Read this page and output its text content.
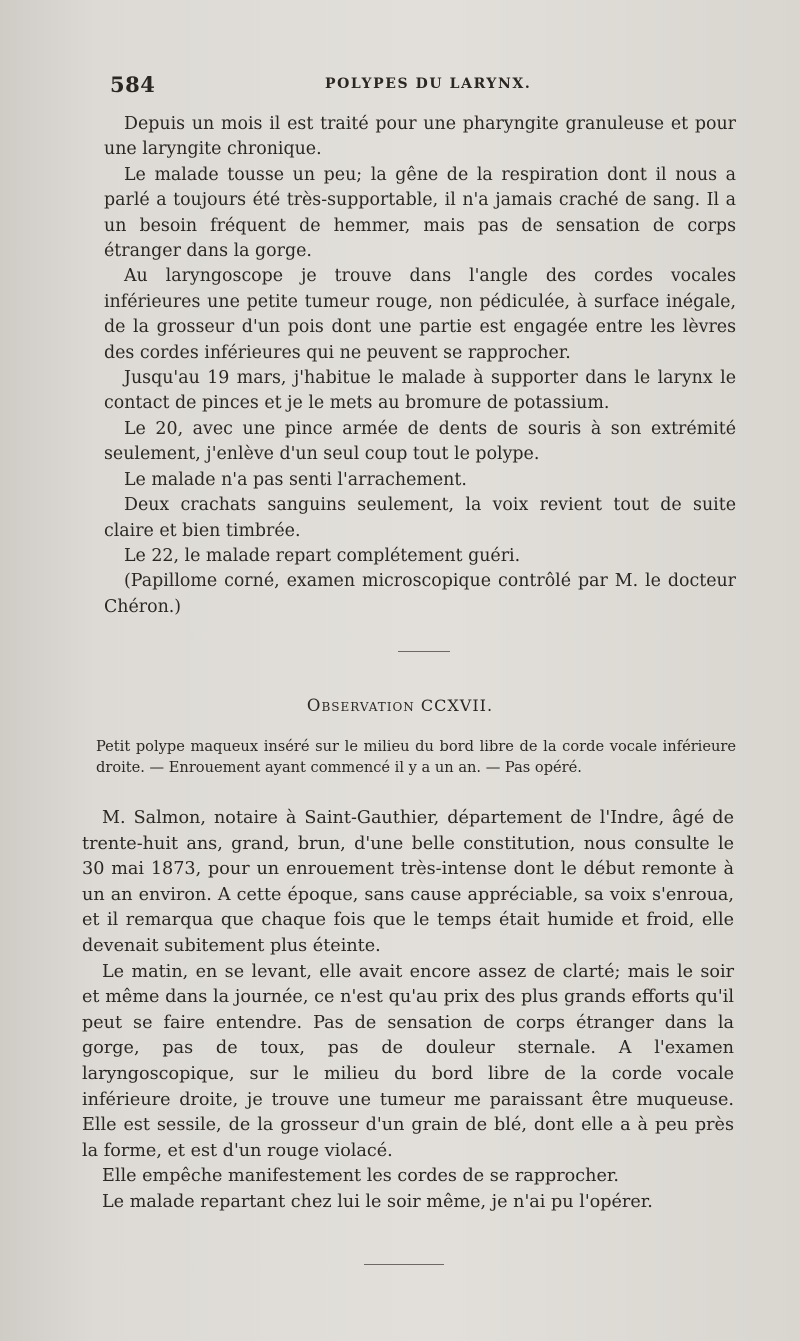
584	POLYPES DU LARYNX.

Depuis un mois il est traité pour une pharyngite granuleuse et pour une laryngite chronique.

Le malade tousse un peu; la gêne de la respiration dont il nous a parlé a toujours été très-supportable, il n'a jamais craché de sang. Il a un besoin fréquent de hemmer, mais pas de sensation de corps étranger dans la gorge.

Au laryngoscope je trouve dans l'angle des cordes vocales inférieures une petite tumeur rouge, non pédiculée, à surface inégale, de la grosseur d'un pois dont une partie est engagée entre les lèvres des cordes inférieures qui ne peuvent se rapprocher.

Jusqu'au 19 mars, j'habitue le malade à supporter dans le larynx le contact de pinces et je le mets au bromure de potassium.

Le 20, avec une pince armée de dents de souris à son extrémité seulement, j'enlève d'un seul coup tout le polype.

Le malade n'a pas senti l'arrachement.

Deux crachats sanguins seulement, la voix revient tout de suite claire et bien timbrée.

Le 22, le malade repart complétement guéri.

(Papillome corné, examen microscopique contrôlé par M. le docteur Chéron.)

Observation CCXVII.

Petit polype maqueux inséré sur le milieu du bord libre de la corde vocale inférieure droite. — Enrouement ayant commencé il y a un an. — Pas opéré.

M. Salmon, notaire à Saint-Gauthier, département de l'Indre, âgé de trente-huit ans, grand, brun, d'une belle constitution, nous consulte le 30 mai 1873, pour un enrouement très-intense dont le début remonte à un an environ. A cette époque, sans cause appréciable, sa voix s'enroua, et il remarqua que chaque fois que le temps était humide et froid, elle devenait subitement plus éteinte.

Le matin, en se levant, elle avait encore assez de clarté; mais le soir et même dans la journée, ce n'est qu'au prix des plus grands efforts qu'il peut se faire entendre. Pas de sensation de corps étranger dans la gorge, pas de toux, pas de douleur sternale. A l'examen laryngoscopique, sur le milieu du bord libre de la corde vocale inférieure droite, je trouve une tumeur me paraissant être muqueuse. Elle est sessile, de la grosseur d'un grain de blé, dont elle a à peu près la forme, et est d'un rouge violacé.

Elle empêche manifestement les cordes de se rapprocher.

Le malade repartant chez lui le soir même, je n'ai pu l'opérer.
